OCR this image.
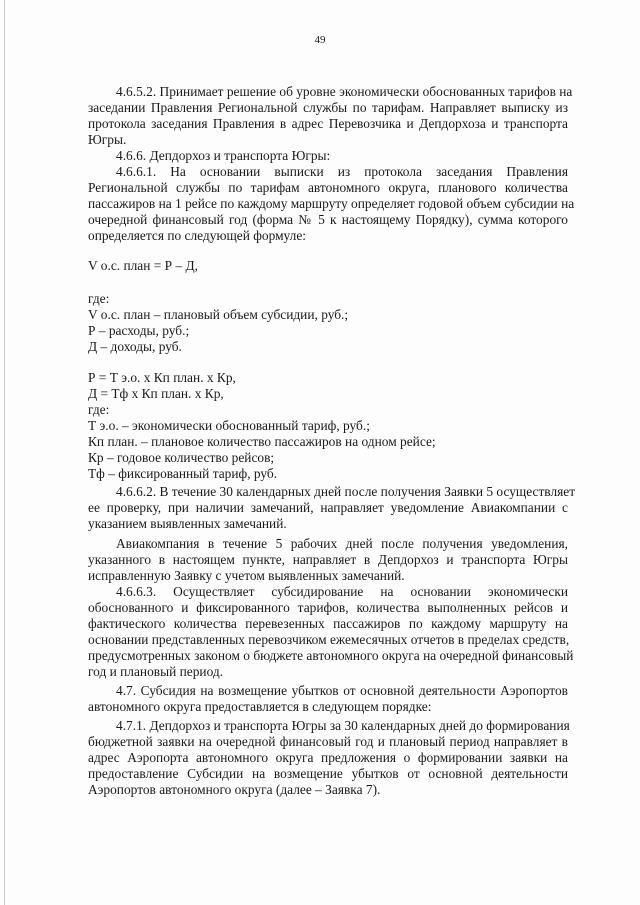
49
4.6.5.2. Принимает решение об уровне экономически обоснованных тарифов на
заседании Правления Региональной службы по тарифам. Направляет выписку из
протокола заседания Правления в адрес Перевозчика и Депдорхоза и транспорта
Югры.
4.6.6. Депдорхоз и транспорта Югры:
4.6.6.1. На основании выписки из протокола заседания Правления
Региональной службы по тарифам автономного округа, планового количества
пассажиров на 1 рейсе по каждому маршруту определяет годовой объем субсидии на
очередной финансовый год (форма № 5 к настоящему Порядку), сумма которого
определяется по следующей формуле:
V о.с. план = Р – Д,
где:
V о.с. план – плановый объем субсидии, руб.;
Р – расходы, руб.;
Д – доходы, руб.
Р = Т э.о. х Кп план. х Кр,
Д = Тф х Кп план. х Кр,
где:
Т э.о. – экономически обоснованный тариф, руб.;
Кп план. – плановое количество пассажиров на одном рейсе;
Кр – годовое количество рейсов;
Тф – фиксированный тариф, руб.
4.6.6.2. В течение 30 календарных дней после получения Заявки 5 осуществляет
ее проверку, при наличии замечаний, направляет уведомление Авиакомпании с
указанием выявленных замечаний.
Авиакомпания в течение 5 рабочих дней после получения уведомления,
указанного в настоящем пункте, направляет в Депдорхоз и транспорта Югры
исправленную Заявку с учетом выявленных замечаний.
4.6.6.3. Осуществляет субсидирование на основании экономически
обоснованного и фиксированного тарифов, количества выполненных рейсов и
фактического количества перевезенных пассажиров по каждому маршруту на
основании представленных перевозчиком ежемесячных отчетов в пределах средств,
предусмотренных законом о бюджете автономного округа на очередной финансовый
год и плановый период.
4.7. Субсидия на возмещение убытков от основной деятельности Аэропортов
автономного округа предоставляется в следующем порядке:
4.7.1. Депдорхоз и транспорта Югры за 30 календарных дней до формирования
бюджетной заявки на очередной финансовый год и плановый период направляет в
адрес Аэропорта автономного округа предложения о формировании заявки на
предоставление Субсидии на возмещение убытков от основной деятельности
Аэропортов автономного округа (далее – Заявка 7).
